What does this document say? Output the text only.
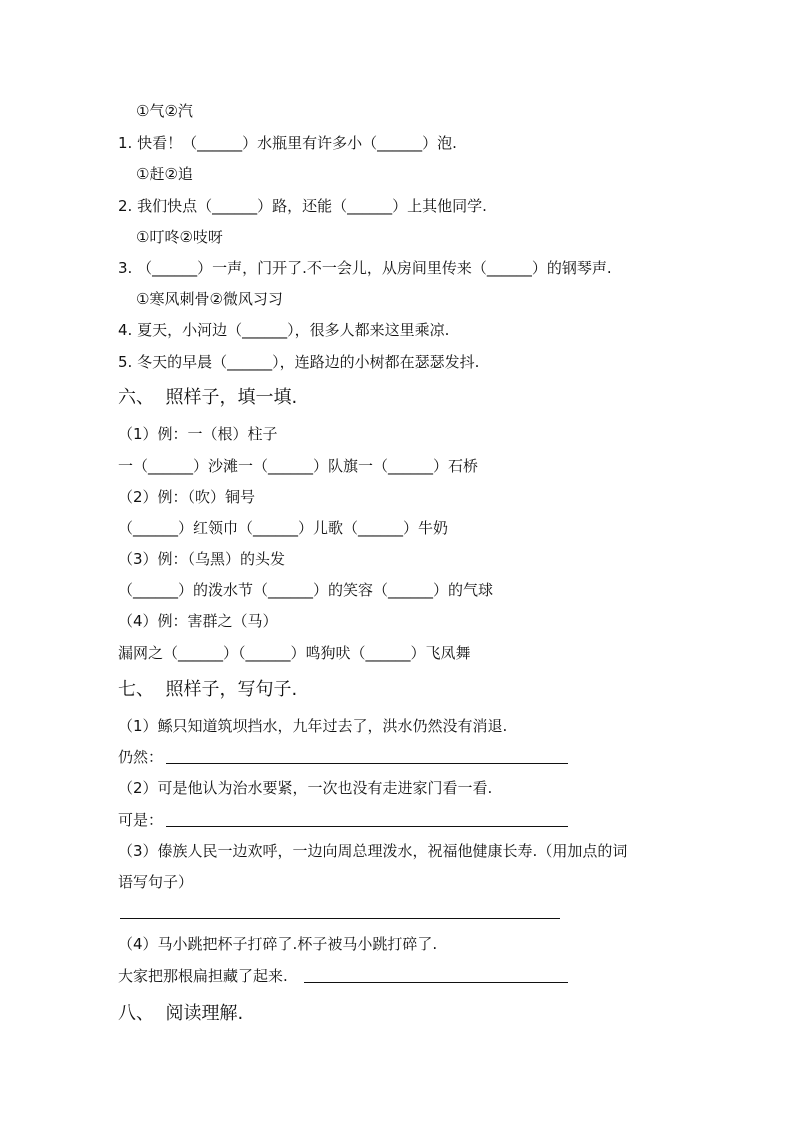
①气②汽
1. 快看！（______）水瓶里有许多小（______）泡.
①赶②追
2. 我们快点（______）路，还能（______）上其他同学.
①叮咚②吱呀
3. （______）一声，门开了.不一会儿，从房间里传来（______）的钢琴声.
①寒风刺骨②微风习习
4. 夏天，小河边（______），很多人都来这里乘凉.
5. 冬天的早晨（______），连路边的小树都在瑟瑟发抖.
六、  照样子，填一填.
（1）例：一（根）柱子
一（______）沙滩一（______）队旗一（______）石桥
（2）例：（吹）铜号
（______）红领巾（______）儿歌（______）牛奶
（3）例：（乌黑）的头发
（______）的泼水节（______）的笑容（______）的气球
（4）例：害群之（马）
漏网之（______）（______）鸣狗吠（______）飞凤舞
七、  照样子，写句子.
（1）鲧只知道筑坝挡水，九年过去了，洪水仍然没有消退.
仍然：
（2）可是他认为治水要紧，一次也没有走进家门看一看.
可是：
（3）傣族人民一边欢呼，一边向周总理泼水，祝福他健康长寿.（用加点的词
语写句子）
（4）马小跳把杯子打碎了.杯子被马小跳打碎了.
大家把那根扁担藏了起来.
八、  阅读理解.
